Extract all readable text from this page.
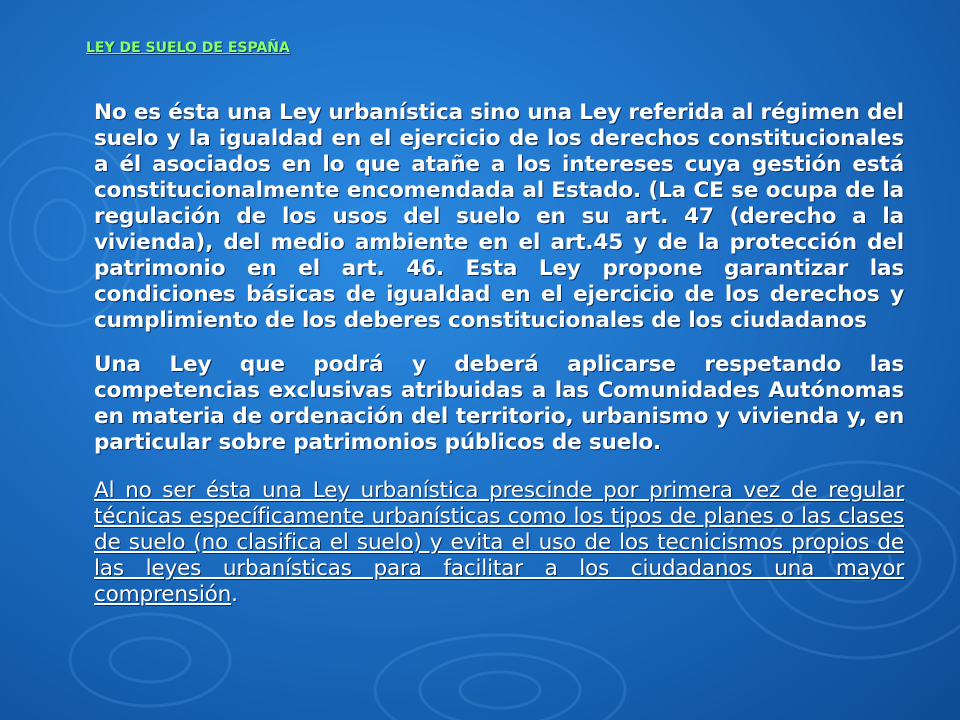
LEY DE SUELO DE ESPAÑA

No es ésta una Ley urbanística sino una Ley referida al régimen del suelo y la igualdad en el ejercicio de los derechos constitucionales a él asociados en lo que atañe a los intereses cuya gestión está constitucionalmente encomendada al Estado. (La CE se ocupa de la regulación de los usos del suelo en su art. 47 (derecho a la vivienda), del medio ambiente en el art.45 y de la protección del patrimonio en el art. 46. Esta Ley propone garantizar las condiciones básicas de igualdad en el ejercicio de los derechos y cumplimiento de los deberes constitucionales de los ciudadanos

Una Ley que podrá y deberá aplicarse respetando las competencias exclusivas atribuidas a las Comunidades Autónomas en materia de ordenación del territorio, urbanismo y vivienda y, en particular sobre patrimonios públicos de suelo.

Al no ser ésta una Ley urbanística prescinde por primera vez de regular técnicas específicamente urbanísticas como los tipos de planes o las clases de suelo (no clasifica el suelo) y evita el uso de los tecnicismos propios de las leyes urbanísticas para facilitar a los ciudadanos una mayor comprensión.
